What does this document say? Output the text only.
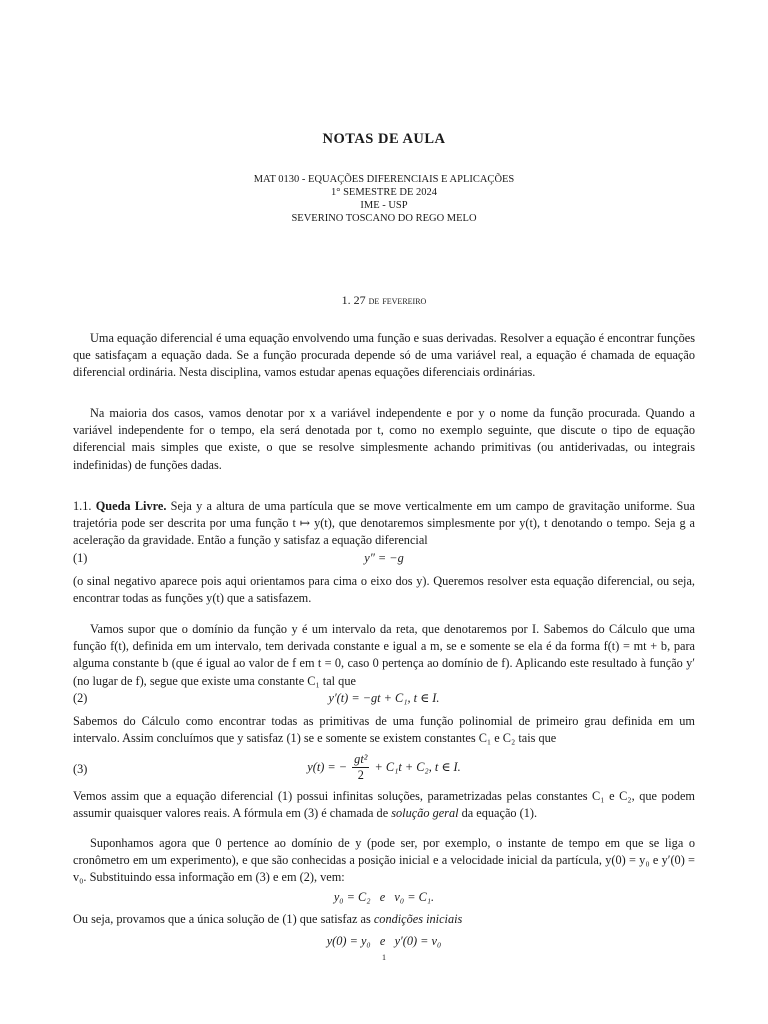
NOTAS DE AULA
MAT 0130 - EQUAÇÕES DIFERENCIAIS E APLICAÇÕES
1° SEMESTRE DE 2024
IME - USP
SEVERINO TOSCANO DO REGO MELO
1. 27 de fevereiro

Uma equação diferencial é uma equação envolvendo uma função e suas derivadas. Resolver a equação é encontrar funções que satisfaçam a equação dada. Se a função procurada depende só de uma variável real, a equação é chamada de equação diferencial ordinária. Nesta disciplina, vamos estudar apenas equações diferenciais ordinárias.

Na maioria dos casos, vamos denotar por x a variável independente e por y o nome da função procurada. Quando a variável independente for o tempo, ela será denotada por t, como no exemplo seguinte, que discute o tipo de equação diferencial mais simples que existe, o que se resolve simplesmente achando primitivas (ou antiderivadas, ou integrais indefinidas) de funções dadas.

1.1. Queda Livre. Seja y a altura de uma partícula que se move verticalmente em um campo de gravitação uniforme. Sua trajetória pode ser descrita por uma função t ↦ y(t), que denotaremos simplesmente por y(t), t denotando o tempo. Seja g a aceleração da gravidade. Então a função y satisfaz a equação diferencial

(1)	y″ = −g

(o sinal negativo aparece pois aqui orientamos para cima o eixo dos y). Queremos resolver esta equação diferencial, ou seja, encontrar todas as funções y(t) que a satisfazem.

Vamos supor que o domínio da função y é um intervalo da reta, que denotaremos por I. Sabemos do Cálculo que uma função f(t), definida em um intervalo, tem derivada constante e igual a m, se e somente se ela é da forma f(t) = mt + b, para alguma constante b (que é igual ao valor de f em t = 0, caso 0 pertença ao domínio de f). Aplicando este resultado à função y′ (no lugar de f), segue que existe uma constante C₁ tal que

(2)	y′(t) = −gt + C₁, t ∈ I.

Sabemos do Cálculo como encontrar todas as primitivas de uma função polinomial de primeiro grau definida em um intervalo. Assim concluímos que y satisfaz (1) se e somente se existem constantes C₁ e C₂ tais que

(3)	y(t) = − $\frac{\text{gt²}}{2} + C_1t + C_2$, t ∈ I.

Vemos assim que a equação diferencial (1) possui infinitas soluções, parametrizadas pelas constantes C₁ e C₂, que podem assumir quaisquer valores reais. A fórmula em (3) é chamada de solução geral da equação (1).

Suponhamos agora que 0 pertence ao domínio de y (pode ser, por exemplo, o instante de tempo em que se liga o cronômetro em um experimento), e que são conhecidas a posição inicial e a velocidade inicial da partícula, y(0) = y₀ e y′(0) = v₀. Substituindo essa informação em (3) e em (2), vem:

y₀ = C₂   e   v₀ = C₁.

Ou seja, provamos que a única solução de (1) que satisfaz as condições iniciais

y(0) = y₀   e   y′(0) = v₀
1
